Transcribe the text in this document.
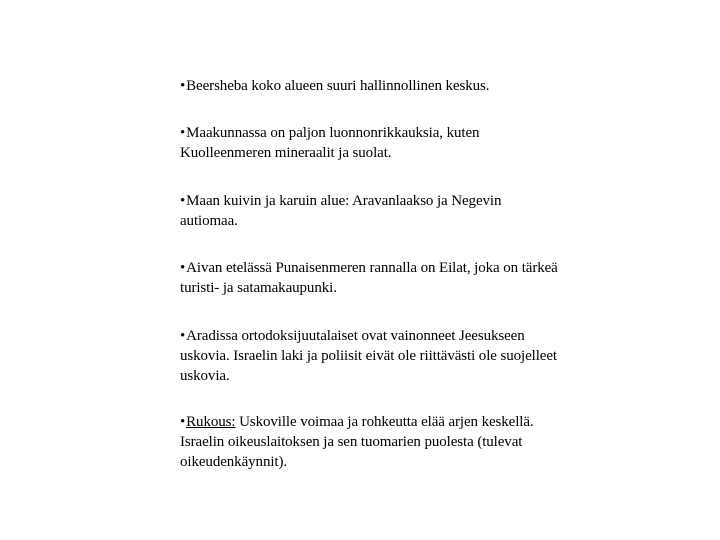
•Beersheba koko alueen suuri hallinnollinen keskus.

•Maakunnassa on paljon luonnonrikkauksia, kuten Kuolleenmeren mineraalit ja suolat.

•Maan kuivin ja karuin alue: Aravanlaakso ja Negevin autiomaa.

•Aivan etelässä Punaisenmeren rannalla on Eilat, joka on tärkeä turisti- ja satamakaupunki.

•Aradissa ortodoksijuutalaiset ovat vainonneet Jeesukseen uskovia. Israelin laki ja poliisit eivät ole riittävästi ole suojelleet uskovia.

•Rukous: Uskoville voimaa ja rohkeutta elää arjen keskellä. Israelin oikeuslaitoksen ja sen tuomarien puolesta (tulevat oikeudenkäynnit).
